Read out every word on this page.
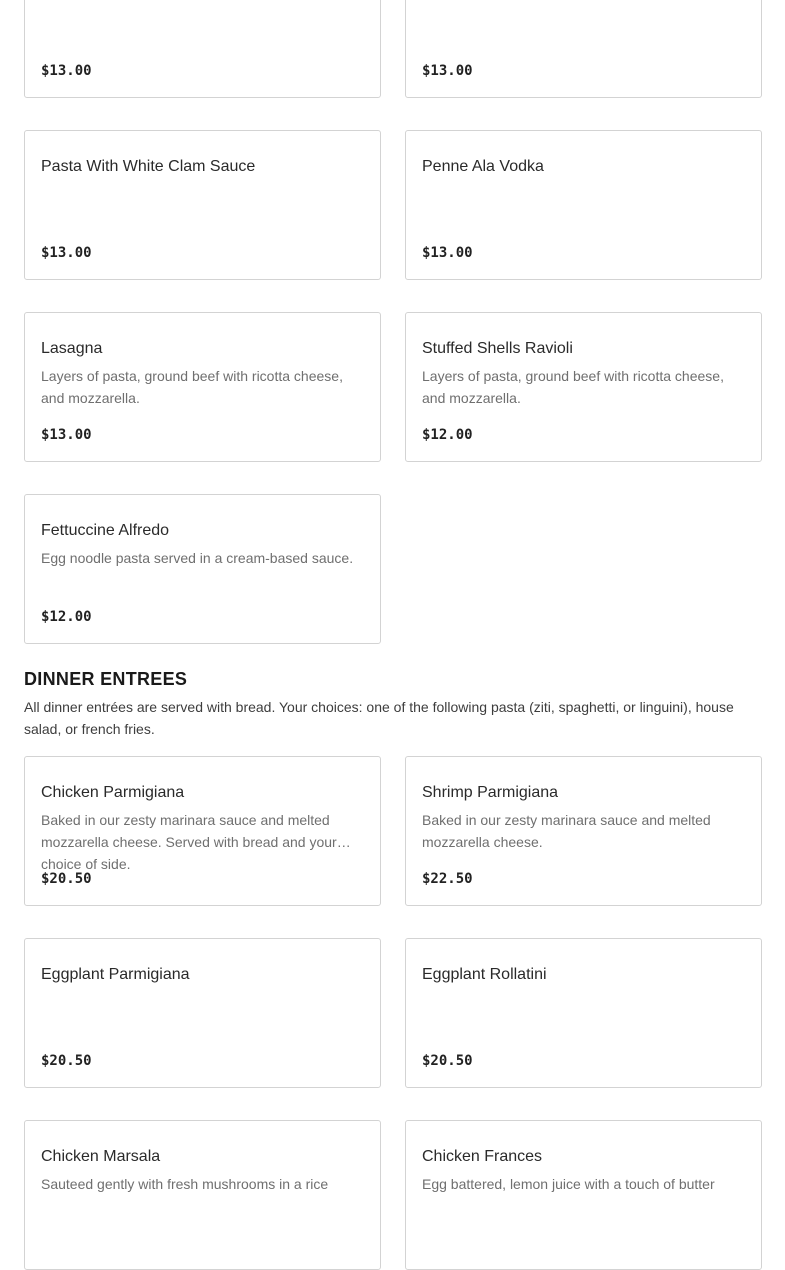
$13.00	$13.00
Pasta With White Clam Sauce
$13.00
Penne Ala Vodka
$13.00
Lasagna
Layers of pasta, ground beef with ricotta cheese, and mozzarella.
$13.00
Stuffed Shells Ravioli
Layers of pasta, ground beef with ricotta cheese, and mozzarella.
$12.00
Fettuccine Alfredo
Egg noodle pasta served in a cream-based sauce.
$12.00
DINNER ENTREES

All dinner entrées are served with bread. Your choices: one of the following pasta (ziti, spaghetti, or linguini), house salad, or french fries.

Chicken Parmigiana
Baked in our zesty marinara sauce and melted mozzarella cheese. Served with bread and your choice of side.
$20.50
Shrimp Parmigiana
Baked in our zesty marinara sauce and melted mozzarella cheese.
$22.50
Eggplant Parmigiana
$20.50
Eggplant Rollatini
$20.50
Chicken Marsala
Sauteed gently with fresh mushrooms in a rice
Chicken Frances
Egg battered, lemon juice with a touch of butter
